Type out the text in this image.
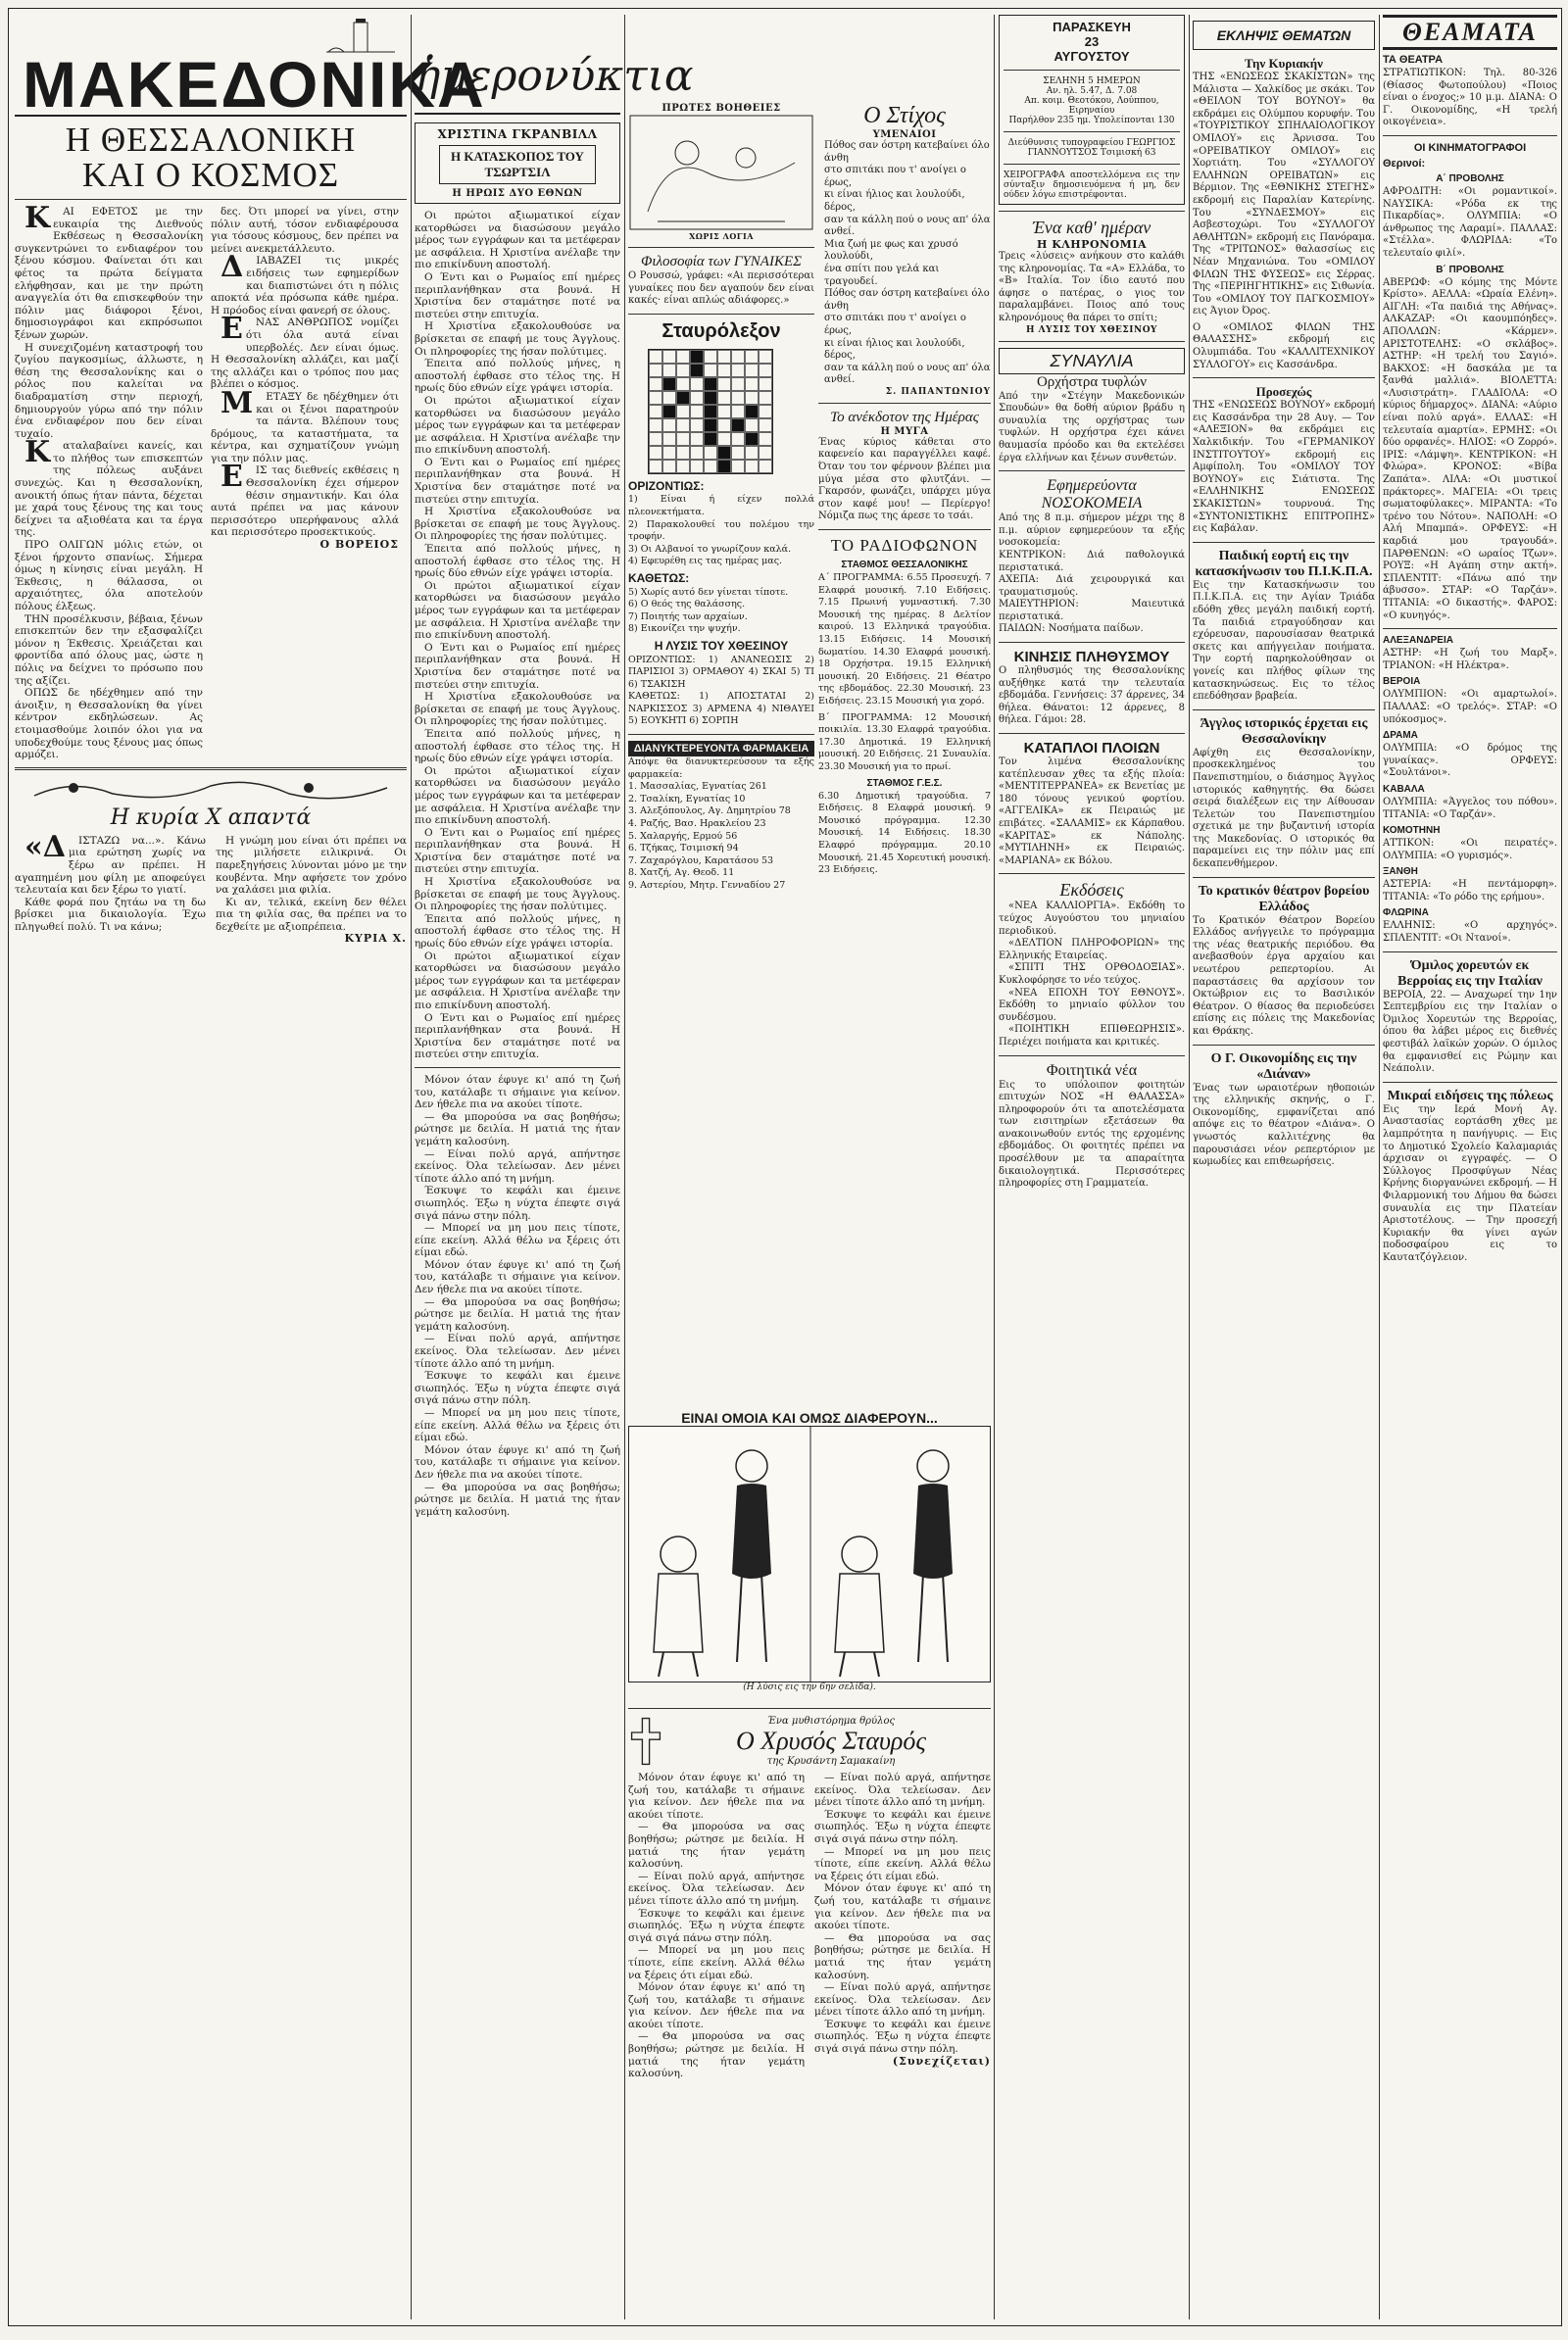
ΜΑΚΕΔΟΝΙΚΑ
Η ΘΕΣΣΑΛΟΝΙΚΗ ΚΑΙ Ο ΚΟΣΜΟΣ

ΚΑΙ ΕΦΕΤΟΣ με την ευκαιρία της Διεθνούς Εκθέσεως η Θεσσαλονίκη συγκεντρώνει το ενδιαφέρον του ξένου κόσμου. Φαίνεται ότι και φέτος τα πρώτα δείγματα ελήφθησαν, και με την πρώτη αναγγελία ότι θα επισκεφθούν την πόλιν μας διάφοροι ξένοι, δημοσιογράφοι και εκπρόσωποι ξένων χωρών.

Η συνεχιζομένη καταστροφή του ζυγίου παγκοσμίως, άλλωστε, η θέση της Θεσσαλονίκης και ο ρόλος που καλείται να διαδραματίση στην περιοχή, δημιουργούν γύρω από την πόλιν ένα ενδιαφέρον που δεν είναι τυχαίο.

Καταλαβαίνει κανείς, και το πλήθος των επισκεπτών της πόλεως αυξάνει συνεχώς. Και η Θεσσαλονίκη, ανοικτή όπως ήταν πάντα, δέχεται με χαρά τους ξένους της και τους δείχνει τα αξιοθέατα και τα έργα της.

ΠΡΟ ΟΛΙΓΩΝ μόλις ετών, οι ξένοι ήρχοντο σπανίως. Σήμερα όμως η κίνησις είναι μεγάλη. Η Έκθεσις, η θάλασσα, οι αρχαιότητες, όλα αποτελούν πόλους έλξεως.

ΤΗΝ προσέλκυσιν, βέβαια, ξένων επισκεπτών δεν την εξασφαλίζει μόνον η Έκθεσις. Χρειάζεται και φροντίδα από όλους μας, ώστε η πόλις να δείχνει το πρόσωπο που της αξίζει.

ΟΠΩΣ δε ηδέχθημεν από την άνοιξιν, η Θεσσαλονίκη θα γίνει κέντρον εκδηλώσεων. Ας ετοιμασθούμε λοιπόν όλοι για να υποδεχθούμε τους ξένους μας όπως αρμόζει.

δες. Ότι μπορεί να γίνει, στην πόλιν αυτή, τόσον ενδιαφέρουσα για τόσους κόσμους, δεν πρέπει να μείνει ανεκμετάλλευτο.

ΔΙΑΒΑΖΕΙ τις μικρές ειδήσεις των εφημερίδων και διαπιστώνει ότι η πόλις αποκτά νέα πρόσωπα κάθε ημέρα. Η πρόοδος είναι φανερή σε όλους.

ΕΝΑΣ ΑΝΘΡΩΠΟΣ νομίζει ότι όλα αυτά είναι υπερβολές. Δεν είναι όμως. Η Θεσσαλονίκη αλλάζει, και μαζί της αλλάζει και ο τρόπος που μας βλέπει ο κόσμος.

ΜΕΤΑΞΥ δε ηδέχθημεν ότι και οι ξένοι παρατηρούν τα πάντα. Βλέπουν τους δρόμους, τα καταστήματα, τα κέντρα, και σχηματίζουν γνώμη για την πόλιν μας.

ΕΙΣ τας διεθνείς εκθέσεις η Θεσσαλονίκη έχει σήμερον θέσιν σημαντικήν. Και όλα αυτά πρέπει να μας κάνουν περισσότερο υπερήφανους αλλά και περισσότερο προσεκτικούς.

Ο ΒΟΡΕΙΟΣ
Η κυρία Χ απαντά

«ΔΙΣΤΑΖΩ να...». Κάνω μια ερώτηση χωρίς να ξέρω αν πρέπει. Η αγαπημένη μου φίλη με αποφεύγει τελευταία και δεν ξέρω το γιατί.

Κάθε φορά που ζητάω να τη δω βρίσκει μια δικαιολογία. Έχω πληγωθεί πολύ. Τι να κάνω;

Η γνώμη μου είναι ότι πρέπει να της μιλήσετε ειλικρινά. Οι παρεξηγήσεις λύνονται μόνο με την κουβέντα. Μην αφήσετε τον χρόνο να χαλάσει μια φιλία.

Κι αν, τελικά, εκείνη δεν θέλει πια τη φιλία σας, θα πρέπει να το δεχθείτε με αξιοπρέπεια.

ΚΥΡΙΑ Χ.
ἡμερονύκτια
ΧΡΙΣΤΙΝΑ ΓΚΡΑΝΒΙΛΛ
Η ΚΑΤΑΣΚΟΠΟΣ ΤΟΥ ΤΣΩΡΤΣΙΛ
Η ΗΡΩΙΣ ΔΥΟ ΕΘΝΩΝ

Οι πρώτοι αξιωματικοί είχαν κατορθώσει να διασώσουν μεγάλο μέρος των εγγράφων και τα μετέφεραν με ασφάλεια. Η Χριστίνα ανέλαβε την πιο επικίνδυνη αποστολή.

Ο Έντι και ο Ρωμαίος επί ημέρες περιπλανήθηκαν στα βουνά. Η Χριστίνα δεν σταμάτησε ποτέ να πιστεύει στην επιτυχία.

Η Χριστίνα εξακολουθούσε να βρίσκεται σε επαφή με τους Άγγλους. Οι πληροφορίες της ήσαν πολύτιμες.

Έπειτα από πολλούς μήνες, η αποστολή έφθασε στο τέλος της. Η ηρωίς δύο εθνών είχε γράψει ιστορία.

Οι πρώτοι αξιωματικοί είχαν κατορθώσει να διασώσουν μεγάλο μέρος των εγγράφων και τα μετέφεραν με ασφάλεια. Η Χριστίνα ανέλαβε την πιο επικίνδυνη αποστολή.

Ο Έντι και ο Ρωμαίος επί ημέρες περιπλανήθηκαν στα βουνά. Η Χριστίνα δεν σταμάτησε ποτέ να πιστεύει στην επιτυχία.

Η Χριστίνα εξακολουθούσε να βρίσκεται σε επαφή με τους Άγγλους. Οι πληροφορίες της ήσαν πολύτιμες.

Έπειτα από πολλούς μήνες, η αποστολή έφθασε στο τέλος της. Η ηρωίς δύο εθνών είχε γράψει ιστορία.

Οι πρώτοι αξιωματικοί είχαν κατορθώσει να διασώσουν μεγάλο μέρος των εγγράφων και τα μετέφεραν με ασφάλεια. Η Χριστίνα ανέλαβε την πιο επικίνδυνη αποστολή.

Ο Έντι και ο Ρωμαίος επί ημέρες περιπλανήθηκαν στα βουνά. Η Χριστίνα δεν σταμάτησε ποτέ να πιστεύει στην επιτυχία.

Η Χριστίνα εξακολουθούσε να βρίσκεται σε επαφή με τους Άγγλους. Οι πληροφορίες της ήσαν πολύτιμες.

Έπειτα από πολλούς μήνες, η αποστολή έφθασε στο τέλος της. Η ηρωίς δύο εθνών είχε γράψει ιστορία.

Οι πρώτοι αξιωματικοί είχαν κατορθώσει να διασώσουν μεγάλο μέρος των εγγράφων και τα μετέφεραν με ασφάλεια. Η Χριστίνα ανέλαβε την πιο επικίνδυνη αποστολή.

Ο Έντι και ο Ρωμαίος επί ημέρες περιπλανήθηκαν στα βουνά. Η Χριστίνα δεν σταμάτησε ποτέ να πιστεύει στην επιτυχία.

Η Χριστίνα εξακολουθούσε να βρίσκεται σε επαφή με τους Άγγλους. Οι πληροφορίες της ήσαν πολύτιμες.

Έπειτα από πολλούς μήνες, η αποστολή έφθασε στο τέλος της. Η ηρωίς δύο εθνών είχε γράψει ιστορία.

Οι πρώτοι αξιωματικοί είχαν κατορθώσει να διασώσουν μεγάλο μέρος των εγγράφων και τα μετέφεραν με ασφάλεια. Η Χριστίνα ανέλαβε την πιο επικίνδυνη αποστολή.

Ο Έντι και ο Ρωμαίος επί ημέρες περιπλανήθηκαν στα βουνά. Η Χριστίνα δεν σταμάτησε ποτέ να πιστεύει στην επιτυχία.

Μόνον όταν έφυγε κι' από τη ζωή του, κατάλαβε τι σήμαινε για κείνον. Δεν ήθελε πια να ακούει τίποτε.

— Θα μπορούσα να σας βοηθήσω; ρώτησε με δειλία. Η ματιά της ήταν γεμάτη καλοσύνη.

— Είναι πολύ αργά, απήντησε εκείνος. Όλα τελείωσαν. Δεν μένει τίποτε άλλο από τη μνήμη.

Έσκυψε το κεφάλι και έμεινε σιωπηλός. Έξω η νύχτα έπεφτε σιγά σιγά πάνω στην πόλη.

— Μπορεί να μη μου πεις τίποτε, είπε εκείνη. Αλλά θέλω να ξέρεις ότι είμαι εδώ.

Μόνον όταν έφυγε κι' από τη ζωή του, κατάλαβε τι σήμαινε για κείνον. Δεν ήθελε πια να ακούει τίποτε.

— Θα μπορούσα να σας βοηθήσω; ρώτησε με δειλία. Η ματιά της ήταν γεμάτη καλοσύνη.

— Είναι πολύ αργά, απήντησε εκείνος. Όλα τελείωσαν. Δεν μένει τίποτε άλλο από τη μνήμη.

Έσκυψε το κεφάλι και έμεινε σιωπηλός. Έξω η νύχτα έπεφτε σιγά σιγά πάνω στην πόλη.

— Μπορεί να μη μου πεις τίποτε, είπε εκείνη. Αλλά θέλω να ξέρεις ότι είμαι εδώ.

Μόνον όταν έφυγε κι' από τη ζωή του, κατάλαβε τι σήμαινε για κείνον. Δεν ήθελε πια να ακούει τίποτε.

— Θα μπορούσα να σας βοηθήσω; ρώτησε με δειλία. Η ματιά της ήταν γεμάτη καλοσύνη.

ΠΡΩΤΕΣ ΒΟΗΘΕΙΕΣ
ΧΩΡΙΣ ΛΟΓΙΑ
Φιλοσοφία των ΓΥΝΑΙΚΕΣ
Ο Ρουσσώ, γράφει: «Αι περισσότεραι γυναίκες που δεν αγαπούν δεν είναι κακές· είναι απλώς αδιάφορες.»
Σταυρόλεξον
ΟΡΙΖΟΝΤΙΩΣ:
1) Είναι ή είχεν πολλά πλεονεκτήματα.
2) Παρακολουθεί του πολέμου την τροφήν.
3) Οι Αλβανοί το γνωρίζουν καλά.
4) Εφευρέθη εις τας ημέρας μας.
ΚΑΘΕΤΩΣ:
5) Χωρίς αυτό δεν γίνεται τίποτε.
6) Ο θεός της θαλάσσης.
7) Ποιητής των αρχαίων.
8) Εικονίζει την ψυχήν.
Η ΛΥΣΙΣ ΤΟΥ ΧΘΕΣΙΝΟΥ
ΟΡΙΖΟΝΤΙΩΣ: 1) ΑΝΑΝΕΩΣΙΣ 2) ΠΑΡΙΣΙΟΙ 3) ΟΡΜΑΘΟΥ 4) ΣΚΑΙ 5) ΤΙ 6) ΤΣΑΚΙΣΗ
ΚΑΘΕΤΩΣ: 1) ΑΠΟΣΤΑΤΑΙ 2) ΝΑΡΚΙΣΣΟΣ 3) ΑΡΜΕΝΑ 4) ΝΙΘΑΥΕΙ 5) ΕΟΥΚΗΤΙ 6) ΣΟΡΠΗ
ΔΙΑΝΥΚΤΕΡΕΥΟΝΤΑ ΦΑΡΜΑΚΕΙΑ
Απόψε θα διανυκτερεύσουν τα εξής φαρμακεία:
1. Μασσαλίας, Εγνατίας 261
2. Τσαλίκη, Εγνατίας 10
3. Αλεξόπουλος, Αγ. Δημητρίου 78
4. Ραζής, Βασ. Ηρακλείου 23
5. Χαλαργής, Ερμού 56
6. Τζήκας, Τσιμισκή 94
7. Ζαχαρόγλου, Καρατάσου 53
8. Χατζή, Αγ. Θεοδ. 11
9. Αστερίου, Μητρ. Γενναδίου 27
Ο Στίχος
ΥΜΕΝΑΙΟΙ
Πόθος σαν όστρη κατεβαίνει όλο άνθη
στο σπιτάκι που τ' ανοίγει ο έρως,
κι είναι ήλιος και λουλούδι, δέρος,
σαν τα κάλλη πού ο νους απ' όλα ανθεί.
Μια ζωή με φως και χρυσό λουλούδι,
ένα σπίτι που γελά και τραγουδεί.
Πόθος σαν όστρη κατεβαίνει όλο άνθη
στο σπιτάκι που τ' ανοίγει ο έρως,
κι είναι ήλιος και λουλούδι, δέρος,
σαν τα κάλλη πού ο νους απ' όλα ανθεί.
Σ. ΠΑΠΑΝΤΩΝΙΟΥ
Το ανέκδοτον της Ημέρας
Η ΜΥΓΑ
Ένας κύριος κάθεται στο καφενείο και παραγγέλλει καφέ. Όταν του τον φέρνουν βλέπει μια μύγα μέσα στο φλυτζάνι. — Γκαρσόν, φωνάζει, υπάρχει μύγα στον καφέ μου! — Περίεργο! Νόμιζα πως της άρεσε το τσάι.
ΤΟ ΡΑΔΙΟΦΩΝΟΝ
ΣΤΑΘΜΟΣ ΘΕΣΣΑΛΟΝΙΚΗΣ
Α΄ ΠΡΟΓΡΑΜΜΑ: 6.55 Προσευχή. 7 Ελαφρά μουσική. 7.10 Ειδήσεις. 7.15 Πρωινή γυμναστική. 7.30 Μουσική της ημέρας. 8 Δελτίον καιρού. 13 Ελληνικά τραγούδια. 13.15 Ειδήσεις. 14 Μουσική δωματίου. 14.30 Ελαφρά μουσική. 18 Ορχήστρα. 19.15 Ελληνική μουσική. 20 Ειδήσεις. 21 Θέατρο της εβδομάδος. 22.30 Μουσική. 23 Ειδήσεις. 23.15 Μουσική για χορό.
Β΄ ΠΡΟΓΡΑΜΜΑ: 12 Μουσική ποικιλία. 13.30 Ελαφρά τραγούδια. 17.30 Δημοτικά. 19 Ελληνική μουσική. 20 Ειδήσεις. 21 Συναυλία. 23.30 Μουσική για το πρωί.
ΣΤΑΘΜΟΣ Γ.Ε.Σ.
6.30 Δημοτική τραγούδια. 7 Ειδήσεις. 8 Ελαφρά μουσική. 9 Μουσικό πρόγραμμα. 12.30 Μουσική. 14 Ειδήσεις. 18.30 Ελαφρό πρόγραμμα. 20.10 Μουσική. 21.45 Χορευτική μουσική. 23 Ειδήσεις.
ΕΙΝΑΙ ΟΜΟΙΑ ΚΑΙ ΟΜΩΣ ΔΙΑΦΕΡΟΥΝ...
(Η λύσις εις την 6ην σελίδα).
Ένα μυθιστόρημα θρύλος
Ο Χρυσός Σταυρός
της Κρυσάντη Σαμακαίνη

Μόνον όταν έφυγε κι' από τη ζωή του, κατάλαβε τι σήμαινε για κείνον. Δεν ήθελε πια να ακούει τίποτε.

— Θα μπορούσα να σας βοηθήσω; ρώτησε με δειλία. Η ματιά της ήταν γεμάτη καλοσύνη.

— Είναι πολύ αργά, απήντησε εκείνος. Όλα τελείωσαν. Δεν μένει τίποτε άλλο από τη μνήμη.

Έσκυψε το κεφάλι και έμεινε σιωπηλός. Έξω η νύχτα έπεφτε σιγά σιγά πάνω στην πόλη.

— Μπορεί να μη μου πεις τίποτε, είπε εκείνη. Αλλά θέλω να ξέρεις ότι είμαι εδώ.

Μόνον όταν έφυγε κι' από τη ζωή του, κατάλαβε τι σήμαινε για κείνον. Δεν ήθελε πια να ακούει τίποτε.

— Θα μπορούσα να σας βοηθήσω; ρώτησε με δειλία. Η ματιά της ήταν γεμάτη καλοσύνη.

— Είναι πολύ αργά, απήντησε εκείνος. Όλα τελείωσαν. Δεν μένει τίποτε άλλο από τη μνήμη.

Έσκυψε το κεφάλι και έμεινε σιωπηλός. Έξω η νύχτα έπεφτε σιγά σιγά πάνω στην πόλη.

— Μπορεί να μη μου πεις τίποτε, είπε εκείνη. Αλλά θέλω να ξέρεις ότι είμαι εδώ.

Μόνον όταν έφυγε κι' από τη ζωή του, κατάλαβε τι σήμαινε για κείνον. Δεν ήθελε πια να ακούει τίποτε.

— Θα μπορούσα να σας βοηθήσω; ρώτησε με δειλία. Η ματιά της ήταν γεμάτη καλοσύνη.

— Είναι πολύ αργά, απήντησε εκείνος. Όλα τελείωσαν. Δεν μένει τίποτε άλλο από τη μνήμη.

Έσκυψε το κεφάλι και έμεινε σιωπηλός. Έξω η νύχτα έπεφτε σιγά σιγά πάνω στην πόλη.

(Συνεχίζεται)
ΠΑΡΑΣΚΕΥΗ
23
ΑΥΓΟΥΣΤΟΥ
ΣΕΛΗΝΗ 5 ΗΜΕΡΩΝ
Αν. ηλ. 5.47, Δ. 7.08
Απ. κοιμ. Θεοτόκου, Λούππου, Ειρηναίου
Παρήλθον 235 ημ. Υπολείπονται 130
Διεύθυνσις τυπογραφείου ΓΕΩΡΓΙΟΣ ΓΙΑΝΝΟΥΤΣΟΣ Τσιμισκή 63
ΧΕΙΡΟΓΡΑΦΑ αποστελλόμενα εις την σύνταξιν δημοσιευόμενα ή μη, δεν ούδεν λόγω επιστρέφονται.
Ένα καθ' ημέραν
Η ΚΛΗΡΟΝΟΜΙΑ
Τρεις «λύσεις» ανήκουν στο καλάθι της κληρονομίας. Τα «Α» Ελλάδα, το «Β» Ιταλία. Τον ίδιο εαυτό που άφησε ο πατέρας, ο γιος τον παραλαμβάνει. Ποιος από τους κληρονόμους θα πάρει το σπίτι;
Η ΛΥΣΙΣ ΤΟΥ ΧΘΕΣΙΝΟΥ
ΣΥΝΑΥΛΙΑ
Ορχήστρα τυφλών
Από την «Στέγην Μακεδονικών Σπουδών» θα δοθή αύριον βράδυ η συναυλία της ορχήστρας των τυφλών. Η ορχήστρα έχει κάνει θαυμασία πρόοδο και θα εκτελέσει έργα ελλήνων και ξένων συνθετών.
Εφημερεύοντα ΝΟΣΟΚΟΜΕΙΑ
Από της 8 π.μ. σήμερον μέχρι της 8 π.μ. αύριον εφημερεύουν τα εξής νοσοκομεία:
ΚΕΝΤΡΙΚΟΝ: Διά παθολογικά περιστατικά.
ΑΧΕΠΑ: Διά χειρουργικά και τραυματισμούς.
ΜΑΙΕΥΤΗΡΙΟΝ: Μαιευτικά περιστατικά.
ΠΑΙΔΩΝ: Νοσήματα παίδων.
ΚΙΝΗΣΙΣ ΠΛΗΘΥΣΜΟΥ
Ο πληθυσμός της Θεσσαλονίκης αυξήθηκε κατά την τελευταία εβδομάδα. Γεννήσεις: 37 άρρενες, 34 θήλεα. Θάνατοι: 12 άρρενες, 8 θήλεα. Γάμοι: 28.
ΚΑΤΑΠΛΟΙ ΠΛΟΙΩΝ
Τον λιμένα Θεσσαλονίκης κατέπλευσαν χθες τα εξής πλοία: «ΜΕΝΤΙΤΕΡΡΑΝΕΑ» εκ Βενετίας με 180 τόνους γενικού φορτίου. «ΑΓΓΕΛΙΚΑ» εκ Πειραιώς με επιβάτες. «ΣΑΛΑΜΙΣ» εκ Κάρπαθου. «ΚΑΡΙΤΑΣ» εκ Νάπολης. «ΜΥΤΙΛΗΝΗ» εκ Πειραιώς. «ΜΑΡΙΑΝΑ» εκ Βόλου.
Εκδόσεις

«ΝΕΑ ΚΑΛΛΙΟΡΓΙΑ». Εκδόθη το τεύχος Αυγούστου του μηνιαίου περιοδικού.

«ΔΕΛΤΙΟΝ ΠΛΗΡΟΦΟΡΙΩΝ» της Ελληνικής Εταιρείας.

«ΣΠΙΤΙ ΤΗΣ ΟΡΘΟΔΟΞΙΑΣ». Κυκλοφόρησε το νέο τεύχος.

«ΝΕΑ ΕΠΟΧΗ ΤΟΥ ΕΘΝΟΥΣ». Εκδόθη το μηνιαίο φύλλον του συνδέσμου.

«ΠΟΙΗΤΙΚΗ ΕΠΙΘΕΩΡΗΣΙΣ». Περιέχει ποιήματα και κριτικές.

Φοιτητικά νέα
Εις το υπόλοιπον φοιτητών επιτυχών ΝΟΣ «Η ΘΑΛΑΣΣΑ» πληροφορούν ότι τα αποτελέσματα των εισιτηρίων εξετάσεων θα ανακοινωθούν εντός της ερχομένης εβδομάδος. Οι φοιτητές πρέπει να προσέλθουν με τα απαραίτητα δικαιολογητικά. Περισσότερες πληροφορίες στη Γραμματεία.
ΕΚΛΗΨΙΣ ΘΕΜΑΤΩΝ
Την Κυριακήν
ΤΗΣ «ΕΝΩΣΕΩΣ ΣΚΑΚΙΣΤΩΝ» της Μάλιστα — Χαλκίδος με σκάκι. Τον «ΘΕΙΛΟΝ ΤΟΥ ΒΟΥΝΟΥ» θα εκδράμει εις Ολύμπου κορυφήν. Του «ΤΟΥΡΙΣΤΙΚΟΥ ΣΠΗΛΑΙΟΛΟΓΙΚΟΥ ΟΜΙΛΟΥ» εις Άρνισσα. Του «ΟΡΕΙΒΑΤΙΚΟΥ ΟΜΙΛΟΥ» εις Χορτιάτη. Του «ΣΥΛΛΟΓΟΥ ΕΛΛΗΝΩΝ ΟΡΕΙΒΑΤΩΝ» εις Βέρμιον. Της «ΕΘΝΙΚΗΣ ΣΤΕΓΗΣ» εκδρομή εις Παραλίαν Κατερίνης. Του «ΣΥΝΔΕΣΜΟΥ» εις Ασβεστοχώρι. Του «ΣΥΛΛΟΓΟΥ ΑΘΛΗΤΩΝ» εκδρομή εις Πανόραμα. Της «ΤΡΙΤΩΝΟΣ» θαλασσίως εις Νέαν Μηχανιώνα. Του «ΟΜΙΛΟΥ ΦΙΛΩΝ ΤΗΣ ΦΥΣΕΩΣ» εις Σέρρας. Της «ΠΕΡΙΗΓΗΤΙΚΗΣ» εις Σιθωνία. Του «ΟΜΙΛΟΥ ΤΟΥ ΠΑΓΚΟΣΜΙΟΥ» εις Άγιον Όρος.
Ο «ΟΜΙΛΟΣ ΦΙΛΩΝ ΤΗΣ ΘΑΛΑΣΣΗΣ» εκδρομή εις Ολυμπιάδα. Του «ΚΑΛΛΙΤΕΧΝΙΚΟΥ ΣΥΛΛΟΓΟΥ» εις Κασσάνδρα.
Προσεχώς
ΤΗΣ «ΕΝΩΣΕΩΣ ΒΟΥΝΟΥ» εκδρομή εις Κασσάνδρα την 28 Αυγ. — Τον «ΑΛΕΞΙΟΝ» θα εκδράμει εις Χαλκιδικήν. Του «ΓΕΡΜΑΝΙΚΟΥ ΙΝΣΤΙΤΟΥΤΟΥ» εκδρομή εις Αμφίπολη. Του «ΟΜΙΛΟΥ ΤΟΥ ΒΟΥΝΟΥ» εις Σιάτιστα. Της «ΕΛΛΗΝΙΚΗΣ ΕΝΩΣΕΩΣ ΣΚΑΚΙΣΤΩΝ» τουρνουά. Της «ΣΥΝΤΟΝΙΣΤΙΚΗΣ ΕΠΙΤΡΟΠΗΣ» εις Καβάλαν.
Παιδική εορτή εις την κατασκήνωσιν του Π.Ι.Κ.Π.Α.
Εις την Κατασκήνωσιν του Π.Ι.Κ.Π.Α. εις την Αγίαν Τριάδα εδόθη χθες μεγάλη παιδική εορτή. Τα παιδιά ετραγούδησαν και εχόρευσαν, παρουσίασαν θεατρικά σκετς και απήγγειλαν ποιήματα. Την εορτή παρηκολούθησαν οι γονείς και πλήθος φίλων της κατασκηνώσεως. Εις το τέλος επεδόθησαν βραβεία.
Άγγλος ιστορικός έρχεται εις Θεσσαλονίκην
Αφίχθη εις Θεσσαλονίκην, προσκεκλημένος του Πανεπιστημίου, ο διάσημος Άγγλος ιστορικός καθηγητής. Θα δώσει σειρά διαλέξεων εις την Αίθουσαν Τελετών του Πανεπιστημίου σχετικά με την βυζαντινή ιστορία της Μακεδονίας. Ο ιστορικός θα παραμείνει εις την πόλιν μας επί δεκαπενθήμερον.
Το κρατικόν θέατρον βορείου Ελλάδος
Το Κρατικόν Θέατρον Βορείου Ελλάδος ανήγγειλε το πρόγραμμα της νέας θεατρικής περιόδου. Θα ανεβασθούν έργα αρχαίου και νεωτέρου ρεπερτορίου. Αι παραστάσεις θα αρχίσουν τον Οκτώβριον εις το Βασιλικόν Θέατρον. Ο θίασος θα περιοδεύσει επίσης εις πόλεις της Μακεδονίας και Θράκης.
Ο Γ. Οικονομίδης εις την «Διάναν»
Ένας των ωραιοτέρων ηθοποιών της ελληνικής σκηνής, ο Γ. Οικονομίδης, εμφανίζεται από απόψε εις το θέατρον «Διάνα». Ο γνωστός καλλιτέχνης θα παρουσιάσει νέον ρεπερτόριον με κωμωδίες και επιθεωρήσεις.
ΘΕΑΜΑΤΑ
ΤΑ ΘΕΑΤΡΑ
ΣΤΡΑΤΙΩΤΙΚΟΝ: Τηλ. 80-326 (Θίασος Φωτοπούλου) «Ποιος είναι ο ένοχος;» 10 μ.μ. ΔΙΑΝΑ: Ο Γ. Οικονομίδης, «Η τρελή οικογένεια».
ΟΙ ΚΙΝΗΜΑΤΟΓΡΑΦΟΙ
Θερινοί:
Α΄ ΠΡΟΒΟΛΗΣ
ΑΦΡΟΔΙΤΗ: «Οι ρομαντικοί». ΝΑΥΣΙΚΑ: «Ρόδα εκ της Πικαρδίας». ΟΛΥΜΠΙΑ: «Ο άνθρωπος της Λαραμί». ΠΑΛΛΑΣ: «Στέλλα». ΦΛΩΡΙΔΑ: «Το τελευταίο φιλί».
Β΄ ΠΡΟΒΟΛΗΣ
ΑΒΕΡΩΦ: «Ο κόμης της Μόντε Κρίστο». ΑΕΛΛΑ: «Ωραία Ελένη». ΑΙΓΛΗ: «Τα παιδιά της Αθήνας». ΑΛΚΑΖΑΡ: «Οι καουμπόηδες». ΑΠΟΛΛΩΝ: «Κάρμεν». ΑΡΙΣΤΟΤΕΛΗΣ: «Ο σκλάβος». ΑΣΤΗΡ: «Η τρελή του Σαγιό». ΒΑΚΧΟΣ: «Η δασκάλα με τα ξανθά μαλλιά». ΒΙΟΛΕΤΤΑ: «Λυσιστράτη». ΓΛΑΔΙΟΛΑ: «Ο κύριος δήμαρχος». ΔΙΑΝΑ: «Αύριο είναι πολύ αργά». ΕΛΛΑΣ: «Η τελευταία αμαρτία». ΕΡΜΗΣ: «Οι δύο ορφανές». ΗΛΙΟΣ: «Ο Ζορρό». ΙΡΙΣ: «Λάμψη». ΚΕΝΤΡΙΚΟΝ: «Η Φλώρα». ΚΡΟΝΟΣ: «Βίβα Ζαπάτα». ΛΙΛΑ: «Οι μυστικοί πράκτορες». ΜΑΓΕΙΑ: «Οι τρεις σωματοφύλακες». ΜΙΡΑΝΤΑ: «Το τρένο του Νότου». ΝΑΠΟΛΗ: «Ο Αλή Μπαμπά». ΟΡΦΕΥΣ: «Η καρδιά μου τραγουδά». ΠΑΡΘΕΝΩΝ: «Ο ωραίος Τζων». ΡΟΥΞ: «Η Αγάπη στην ακτή». ΣΠΛΕΝΤΙΤ: «Πάνω από την άβυσσο». ΣΤΑΡ: «Ο Ταρζάν». ΤΙΤΑΝΙΑ: «Ο δικαστής». ΦΑΡΟΣ: «Ο κυνηγός».
ΑΛΕΞΑΝΔΡΕΙΑ
ΑΣΤΗΡ: «Η ζωή του Μαρξ». ΤΡΙΑΝΟΝ: «Η Ηλέκτρα».
ΒΕΡΟΙΑ
ΟΛΥΜΠΙΟΝ: «Οι αμαρτωλοί». ΠΑΛΛΑΣ: «Ο τρελός». ΣΤΑΡ: «Ο υπόκοσμος».
ΔΡΑΜΑ
ΟΛΥΜΠΙΑ: «Ο δρόμος της γυναίκας». ΟΡΦΕΥΣ: «Σουλτάνοι».
ΚΑΒΑΛΑ
ΟΛΥΜΠΙΑ: «Άγγελος του πόθου». ΤΙΤΑΝΙΑ: «Ο Ταρζάν».
ΚΟΜΟΤΗΝΗ
ΑΤΤΙΚΟΝ: «Οι πειρατές». ΟΛΥΜΠΙΑ: «Ο γυρισμός».
ΞΑΝΘΗ
ΑΣΤΕΡΙΑ: «Η πεντάμορφη». ΤΙΤΑΝΙΑ: «Το ρόδο της ερήμου».
ΦΛΩΡΙΝΑ
ΕΛΛΗΝΙΣ: «Ο αρχηγός». ΣΠΛΕΝΤΙΤ: «Οι Ντανοί».
Όμιλος χορευτών εκ Βερροίας εις την Ιταλίαν
ΒΕΡΟΙΑ, 22. — Αναχωρεί την 1ην Σεπτεμβρίου εις την Ιταλίαν ο Όμιλος Χορευτών της Βερροίας, όπου θα λάβει μέρος εις διεθνές φεστιβάλ λαϊκών χορών. Ο όμιλος θα εμφανισθεί εις Ρώμην και Νεάπολιν.
Μικραί ειδήσεις της πόλεως
Εις την Ιερά Μονή Αγ. Αναστασίας εορτάσθη χθες με λαμπρότητα η πανήγυρις. — Εις το Δημοτικό Σχολείο Καλαμαριάς άρχισαν οι εγγραφές. — Ο Σύλλογος Προσφύγων Νέας Κρήνης διοργανώνει εκδρομή. — Η Φιλαρμονική του Δήμου θα δώσει συναυλία εις την Πλατείαν Αριστοτέλους. — Την προσεχή Κυριακήν θα γίνει αγών ποδοσφαίρου εις το Καυτατζόγλειον.
